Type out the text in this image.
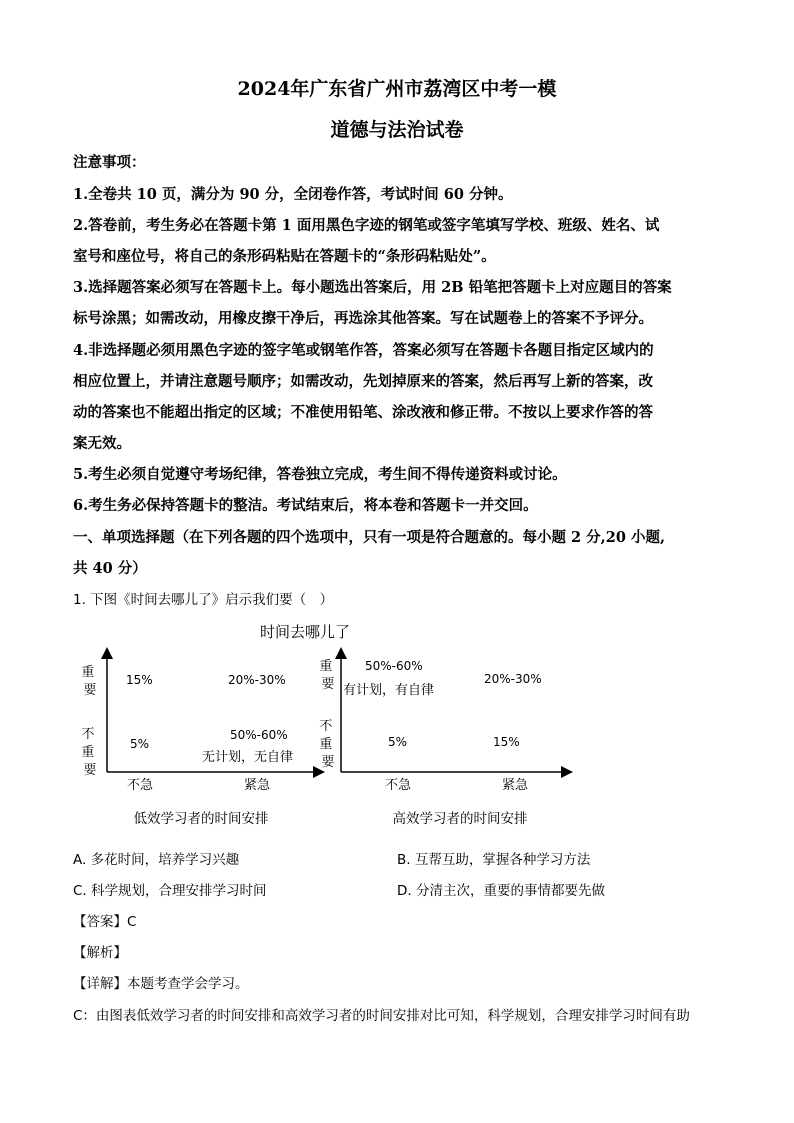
2024年广东省广州市荔湾区中考一模
道德与法治试卷
注意事项：
1.全卷共 10 页，满分为 90 分，全闭卷作答，考试时间 60 分钟。
2.答卷前，考生务必在答题卡第 1 面用黑色字迹的钢笔或签字笔填写学校、班级、姓名、试
室号和座位号，将自己的条形码粘贴在答题卡的“条形码粘贴处”。
3.选择题答案必须写在答题卡上。每小题选出答案后，用 2B 铅笔把答题卡上对应题目的答案
标号涂黑；如需改动，用橡皮擦干净后，再选涂其他答案。写在试题卷上的答案不予评分。
4.非选择题必须用黑色字迹的签字笔或钢笔作答，答案必须写在答题卡各题目指定区域内的
相应位置上，并请注意题号顺序；如需改动，先划掉原来的答案，然后再写上新的答案，改
动的答案也不能超出指定的区域；不准使用铅笔、涂改液和修正带。不按以上要求作答的答
案无效。
5.考生必须自觉遵守考场纪律，答卷独立完成，考生间不得传递资料或讨论。
6.考生务必保持答题卡的整洁。考试结束后，将本卷和答题卡一并交回。
一、单项选择题（在下列各题的四个选项中，只有一项是符合题意的。每小题 2 分,20 小题,
共 40 分）
1. 下图《时间去哪儿了》启示我们要（　）
时间去哪儿了
重 要
不 重 要
15%	20%-30%
5%
50%-60%
无计划，无自律
不急	紧急
低效学习者的时间安排
重 要
不 重 要
50%-60%
有计划，有自律
20%-30%
5%	15%
不急	紧急
高效学习者的时间安排
A. 多花时间，培养学习兴趣	B. 互帮互助，掌握各种学习方法
C. 科学规划，合理安排学习时间	D. 分清主次，重要的事情都要先做
【答案】C
【解析】
【详解】本题考查学会学习。
C：由图表低效学习者的时间安排和高效学习者的时间安排对比可知，科学规划，合理安排学习时间有助
